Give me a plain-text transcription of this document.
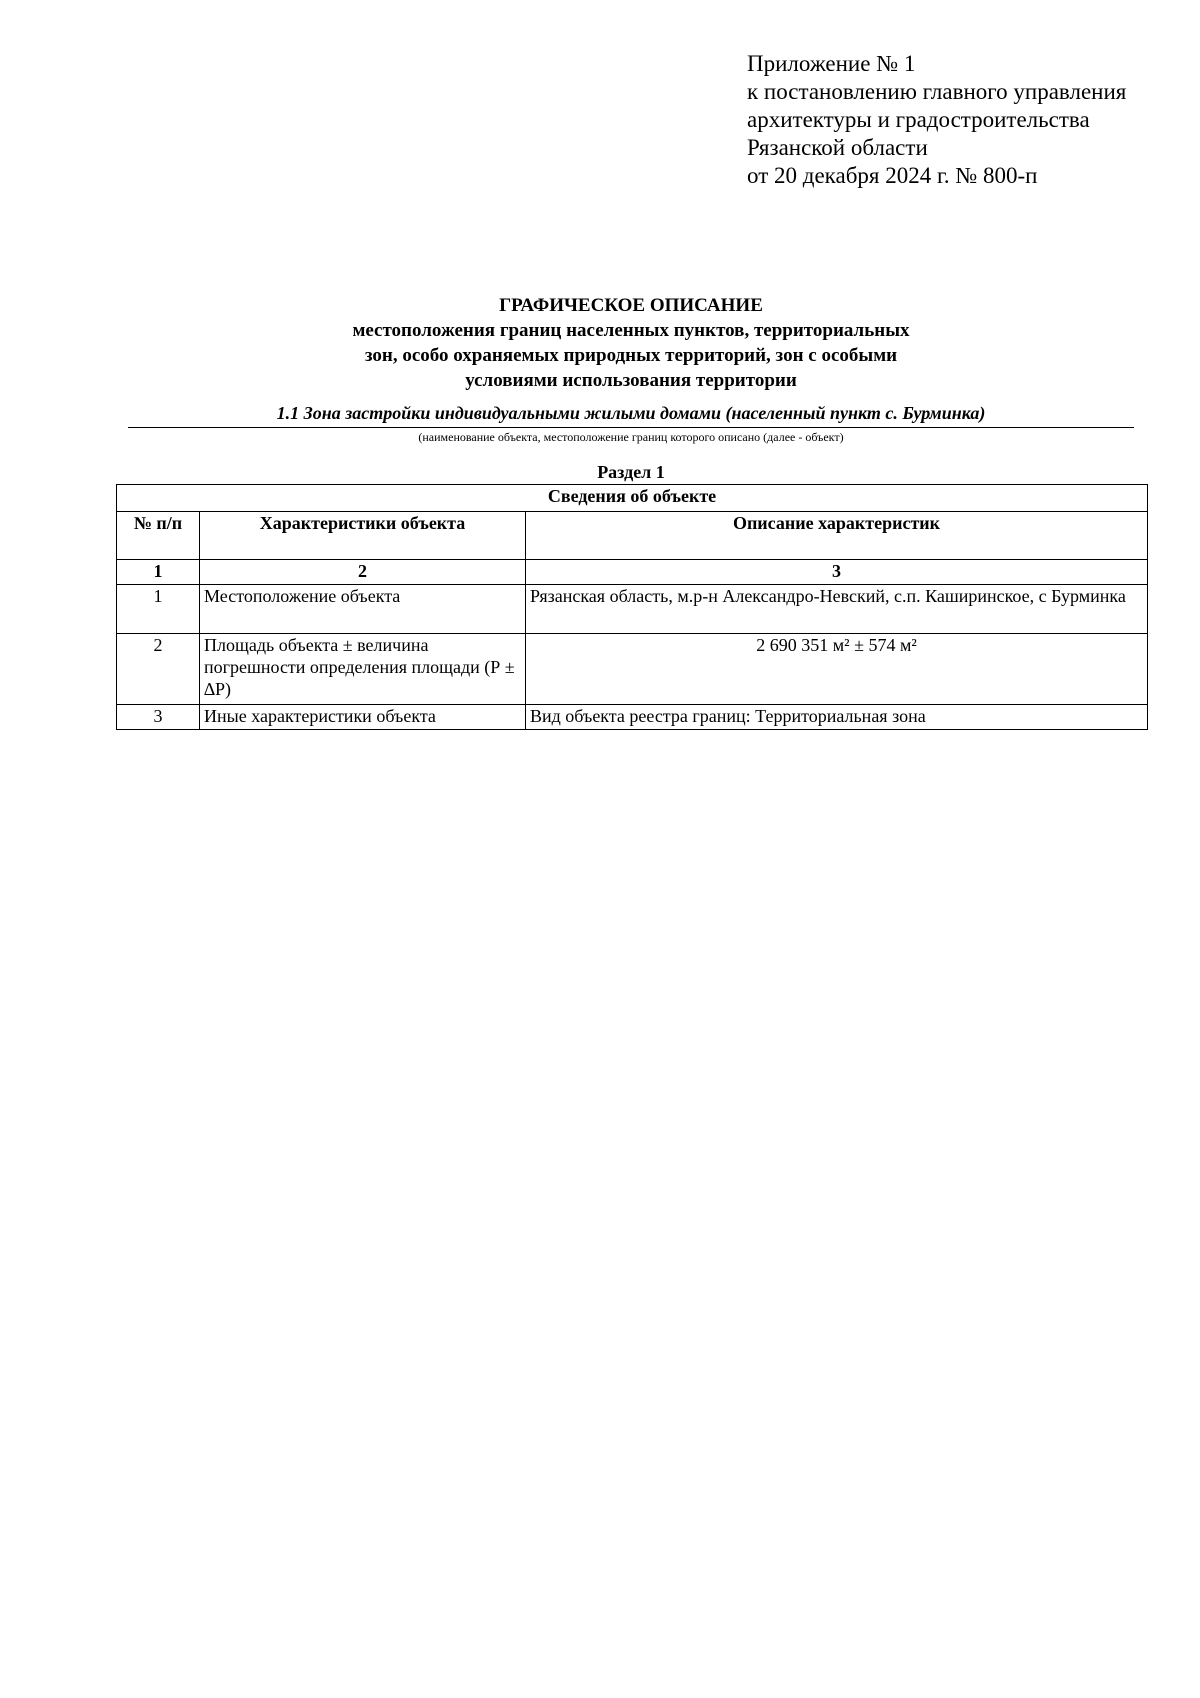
Приложение № 1
к постановлению главного управления
архитектуры и градостроительства
Рязанской области
от 20 декабря 2024 г. № 800-п
ГРАФИЧЕСКОЕ ОПИСАНИЕ
местоположения границ населенных пунктов, территориальных
зон, особо охраняемых природных территорий, зон с особыми
условиями использования территории
1.1 Зона застройки индивидуальными жилыми домами (населенный пункт с. Бурминка)
(наименование объекта, местоположение границ которого описано (далее - объект)
Раздел 1
Сведения об объекте		
№ п/п	Характеристики объекта	Описание характеристик
1	2	3
1	Местоположение объекта	Рязанская область, м.р-н Александро-Невский, с.п. Каширинское, с Бурминка
2	Площадь объекта ± величина погрешности определения площади (Р ± ∆Р)	2 690 351 м² ± 574 м²
3	Иные характеристики объекта	Вид объекта реестра границ: Территориальная зона
